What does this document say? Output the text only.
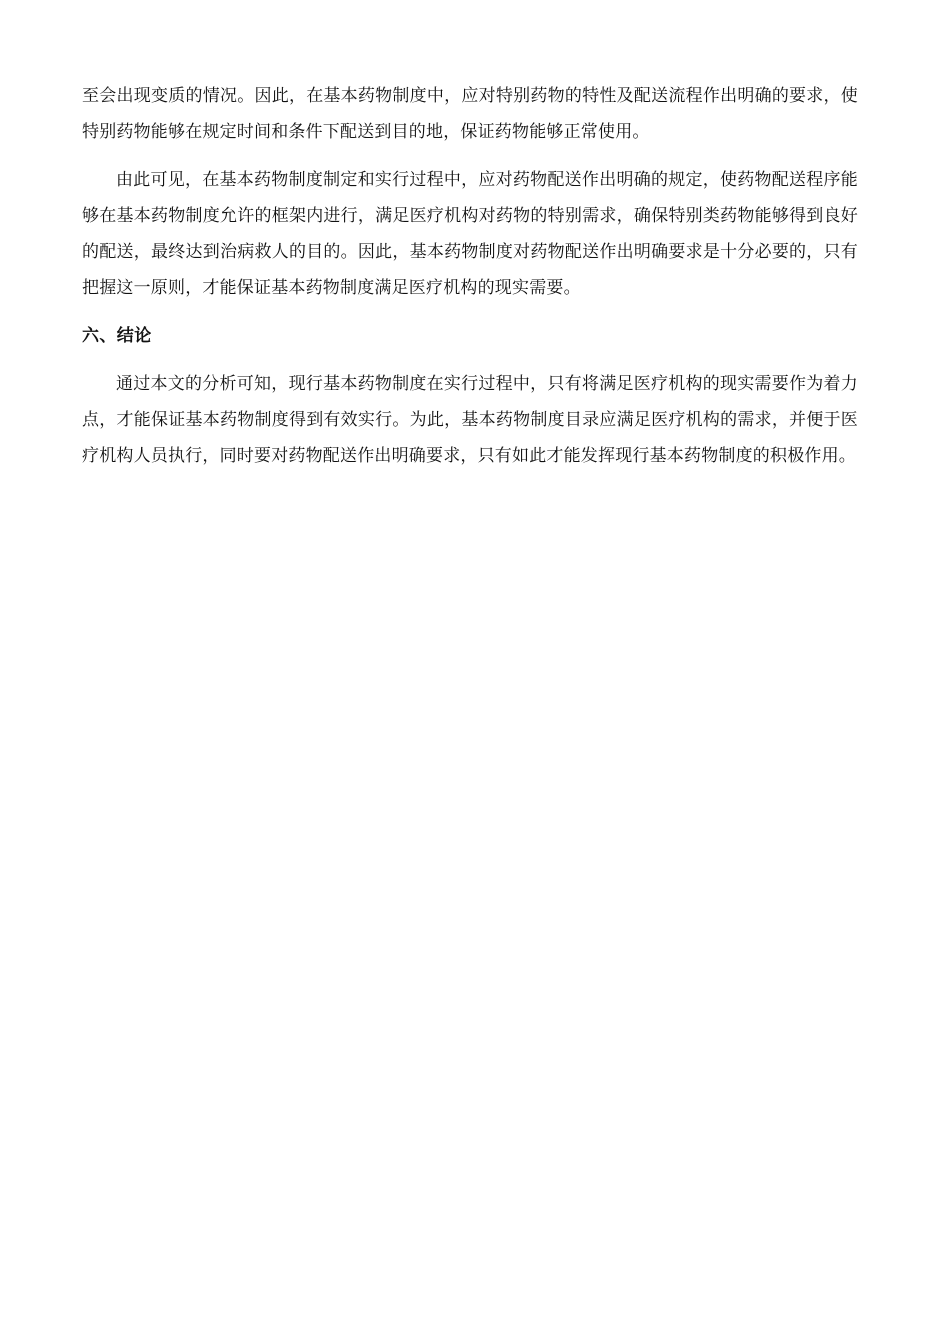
至会出现变质的情况。因此，在基本药物制度中，应对特别药物的特性及配送流程作出明确的要求，使特别药物能够在规定时间和条件下配送到目的地，保证药物能够正常使用。

由此可见，在基本药物制度制定和实行过程中，应对药物配送作出明确的规定，使药物配送程序能够在基本药物制度允许的框架内进行，满足医疗机构对药物的特别需求，确保特别类药物能够得到良好的配送，最终达到治病救人的目的。因此，基本药物制度对药物配送作出明确要求是十分必要的，只有把握这一原则，才能保证基本药物制度满足医疗机构的现实需要。

六、结论

通过本文的分析可知，现行基本药物制度在实行过程中，只有将满足医疗机构的现实需要作为着力点，才能保证基本药物制度得到有效实行。为此，基本药物制度目录应满足医疗机构的需求，并便于医疗机构人员执行，同时要对药物配送作出明确要求，只有如此才能发挥现行基本药物制度的积极作用。
